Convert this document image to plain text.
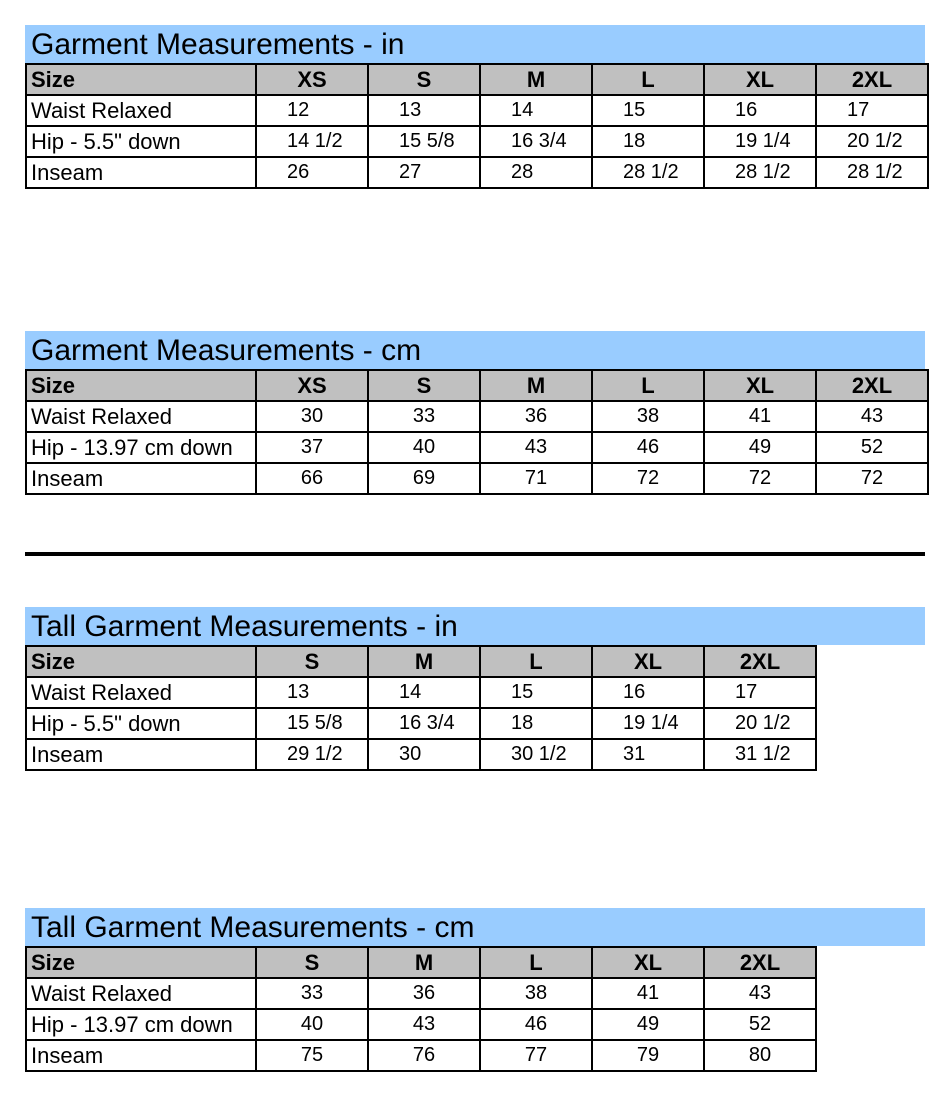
Garment Measurements - in
Size	XS	S	M	L	XL	2XL
Waist Relaxed	12	13	14	15	16	17
Hip - 5.5" down	14 1/2	15 5/8	16 3/4	18	19 1/4	20 1/2
Inseam	26	27	28	28 1/2	28 1/2	28 1/2
Garment Measurements - cm
Size	XS	S	M	L	XL	2XL
Waist Relaxed	30	33	36	38	41	43
Hip - 13.97 cm down	37	40	43	46	49	52
Inseam	66	69	71	72	72	72
Tall Garment Measurements - in
Size	S	M	L	XL	2XL
Waist Relaxed	13	14	15	16	17
Hip - 5.5" down	15 5/8	16 3/4	18	19 1/4	20 1/2
Inseam	29 1/2	30	30 1/2	31	31 1/2
Tall Garment Measurements - cm
Size	S	M	L	XL	2XL
Waist Relaxed	33	36	38	41	43
Hip - 13.97 cm down	40	43	46	49	52
Inseam	75	76	77	79	80
